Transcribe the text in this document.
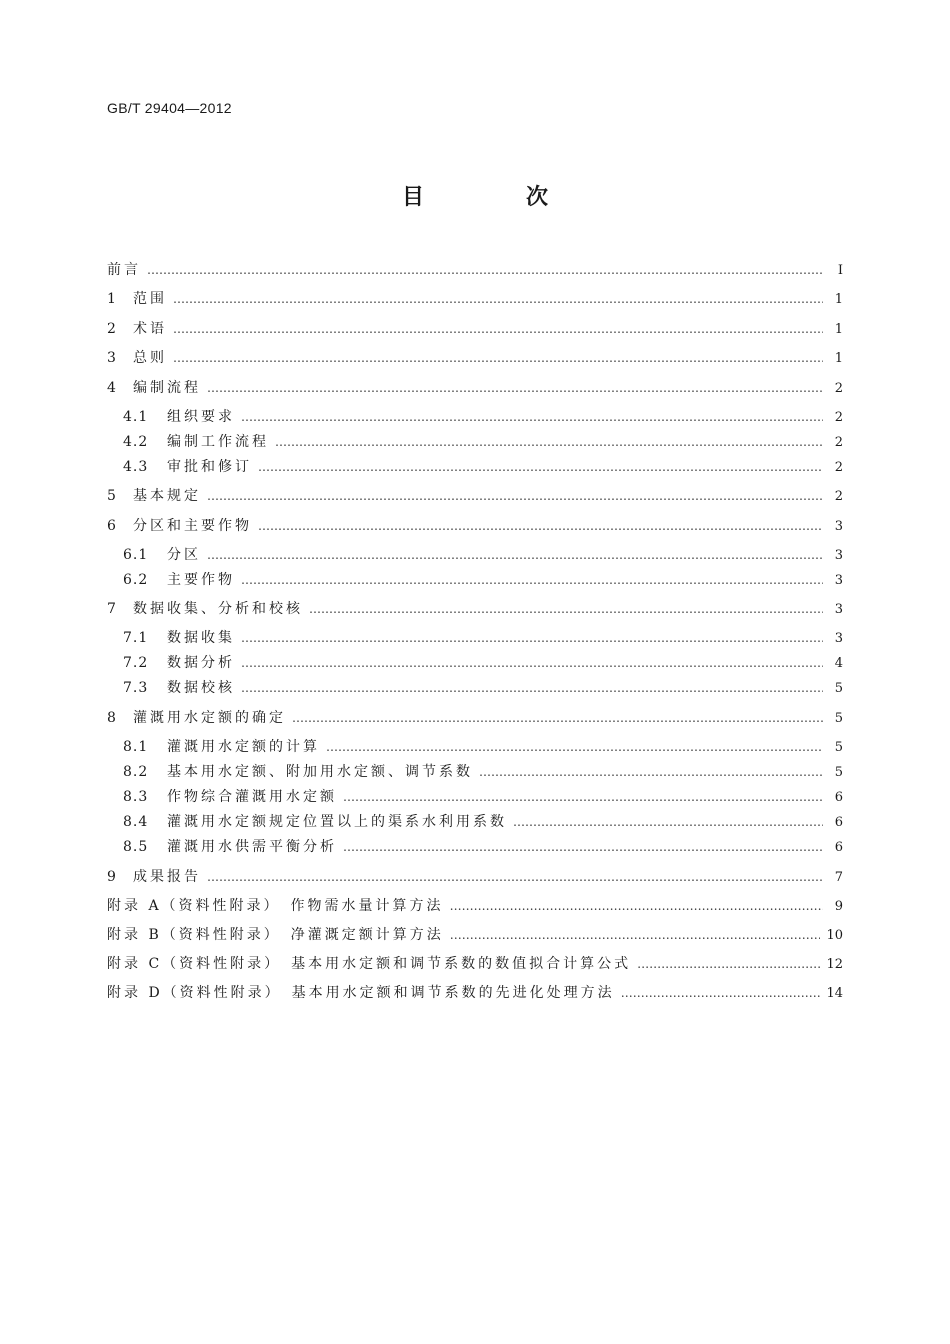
GB/T 29404—2012
目　次
前言 …………………………………………………………………………………………………………………………………………………………………………	Ⅰ
1	范围 …………………………………………………………………………………………………………………………………………………………………………	1
2	术语 …………………………………………………………………………………………………………………………………………………………………………	1
3	总则 …………………………………………………………………………………………………………………………………………………………………………	1
4	编制流程 …………………………………………………………………………………………………………………………………………………………………………	2
4.1	组织要求 …………………………………………………………………………………………………………………………………………………………………………	2
4.2	编制工作流程 …………………………………………………………………………………………………………………………………………………………………………	2
4.3	审批和修订 …………………………………………………………………………………………………………………………………………………………………………	2
5	基本规定 …………………………………………………………………………………………………………………………………………………………………………	2
6	分区和主要作物 …………………………………………………………………………………………………………………………………………………………………………	3
6.1	分区 …………………………………………………………………………………………………………………………………………………………………………	3
6.2	主要作物 …………………………………………………………………………………………………………………………………………………………………………	3
7	数据收集、分析和校核 …………………………………………………………………………………………………………………………………………………………………………	3
7.1	数据收集 …………………………………………………………………………………………………………………………………………………………………………	3
7.2	数据分析 …………………………………………………………………………………………………………………………………………………………………………	4
7.3	数据校核 …………………………………………………………………………………………………………………………………………………………………………	5
8	灌溉用水定额的确定 …………………………………………………………………………………………………………………………………………………………………………	5
8.1	灌溉用水定额的计算 …………………………………………………………………………………………………………………………………………………………………………	5
8.2	基本用水定额、附加用水定额、调节系数 …………………………………………………………………………………………………………………………………………………………………………	5
8.3	作物综合灌溉用水定额 …………………………………………………………………………………………………………………………………………………………………………	6
8.4	灌溉用水定额规定位置以上的渠系水利用系数 …………………………………………………………………………………………………………………………………………………………………………	6
8.5	灌溉用水供需平衡分析 …………………………………………………………………………………………………………………………………………………………………………	6
9	成果报告 …………………………………………………………………………………………………………………………………………………………………………	7
附录 A（资料性附录）　作物需水量计算方法 …………………………………………………………………………………………………………………………………………………………………………	9
附录 B（资料性附录）　净灌溉定额计算方法 …………………………………………………………………………………………………………………………………………………………………………	10
附录 C（资料性附录）　基本用水定额和调节系数的数值拟合计算公式 …………………………………………………………………………………………………………………………………………………………………………	12
附录 D（资料性附录）　基本用水定额和调节系数的先进化处理方法 …………………………………………………………………………………………………………………………………………………………………………	14
